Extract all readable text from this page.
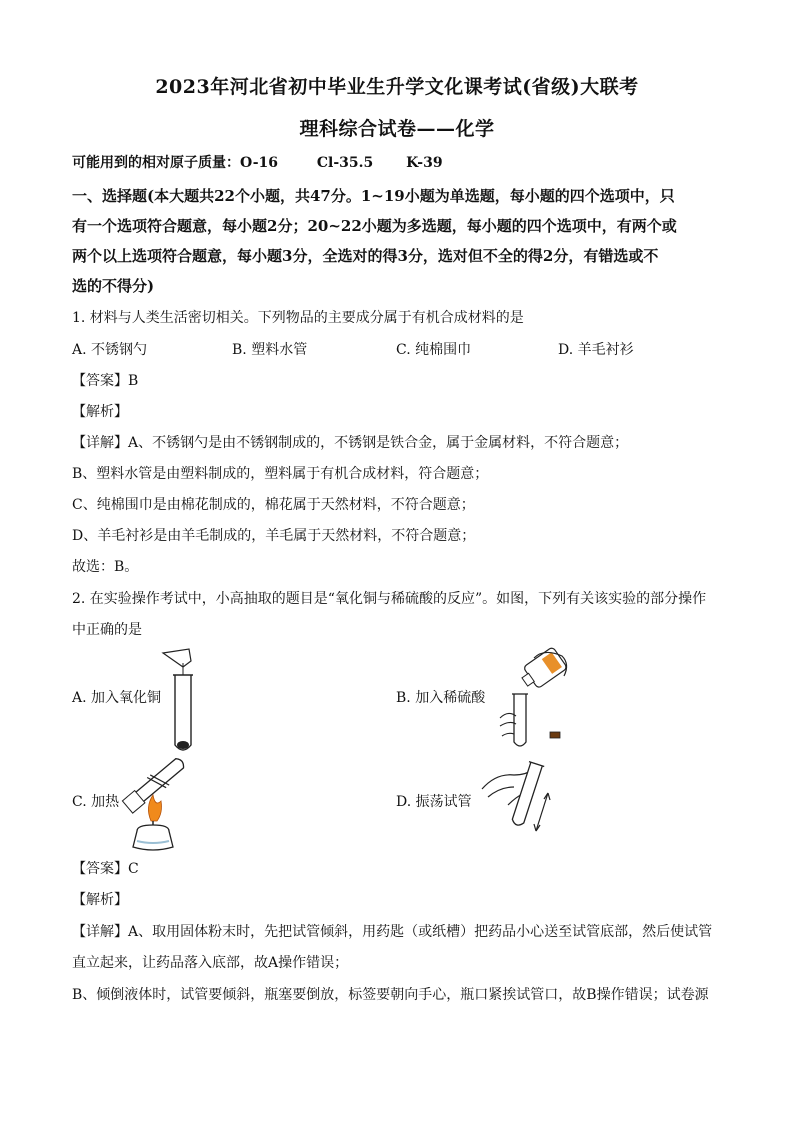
2023年河北省初中毕业生升学文化课考试(省级)大联考
理科综合试卷——化学
可能用到的相对原子质量：O-16	Cl-35.5 K-39
一、选择题(本大题共22个小题，共47分。1~19小题为单选题，每小题的四个选项中，只
有一个选项符合题意，每小题2分；20~22小题为多选题，每小题的四个选项中，有两个或
两个以上选项符合题意，每小题3分，全选对的得3分，选对但不全的得2分，有错选或不
选的不得分)
1. 材料与人类生活密切相关。下列物品的主要成分属于有机合成材料的是
A. 不锈钢勺	B. 塑料水管	C. 纯棉围巾	D. 羊毛衬衫
【答案】B
【解析】
【详解】A、不锈钢勺是由不锈钢制成的，不锈钢是铁合金，属于金属材料，不符合题意；
B、塑料水管是由塑料制成的，塑料属于有机合成材料，符合题意；
C、纯棉围巾是由棉花制成的，棉花属于天然材料，不符合题意；
D、羊毛衬衫是由羊毛制成的，羊毛属于天然材料，不符合题意；
故选：B。
2. 在实验操作考试中，小高抽取的题目是“氧化铜与稀硫酸的反应”。如图，下列有关该实验的部分操作
中正确的是
A. 加入氧化铜	B. 加入稀硫酸
C. 加热	D. 振荡试管
【答案】C
【解析】
【详解】A、取用固体粉末时，先把试管倾斜，用药匙（或纸槽）把药品小心送至试管底部，然后使试管
直立起来，让药品落入底部，故A操作错误；
B、倾倒液体时，试管要倾斜，瓶塞要倒放，标签要朝向手心，瓶口紧挨试管口，故B操作错误；试卷源
